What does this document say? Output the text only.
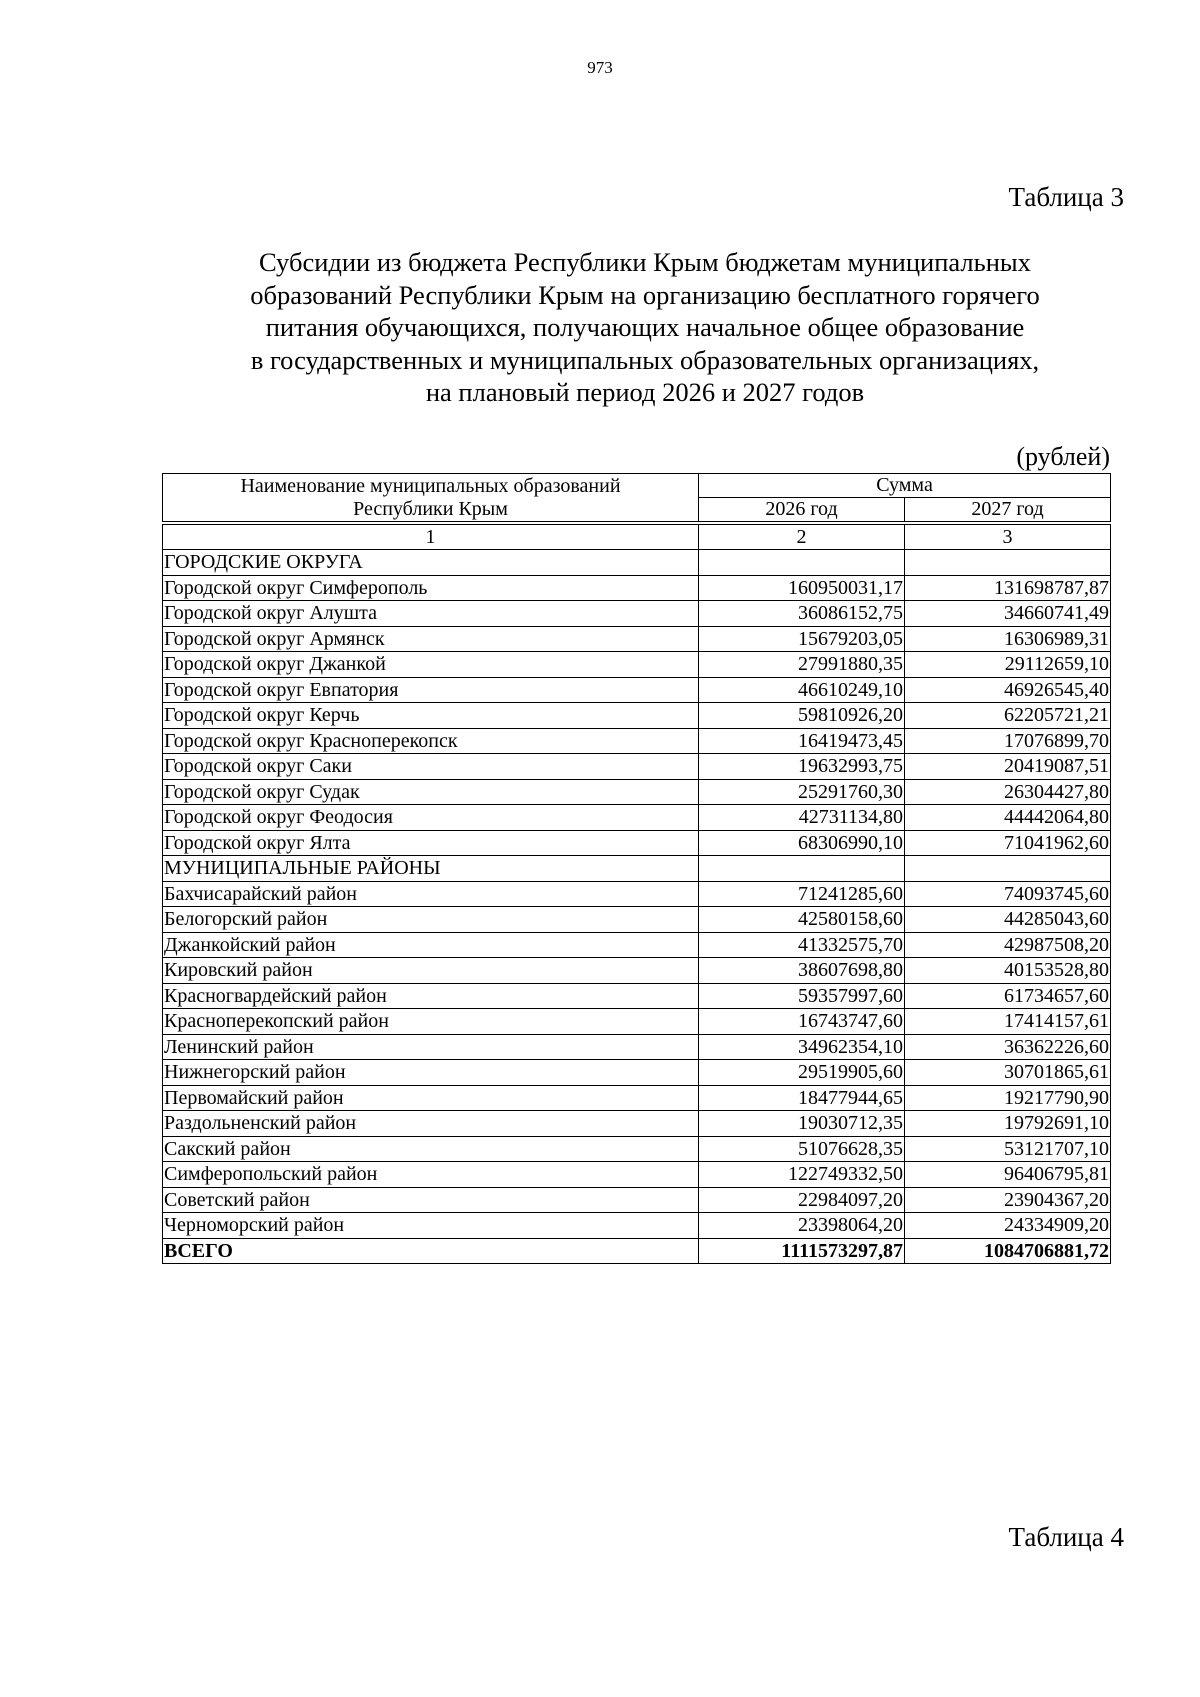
973
Таблица 3
Субсидии из бюджета Республики Крым бюджетам муниципальных
образований Республики Крым на организацию бесплатного горячего
питания обучающихся, получающих начальное общее образование
в государственных и муниципальных образовательных организациях,
на плановый период 2026 и 2027 годов
(рублей)
Наименование муниципальных образований
Республики Крым	Сумма	
	2026 год	2027 год

1	2	3
ГОРОДСКИЕ ОКРУГА		
Городской округ Симферополь	160950031,17	131698787,87
Городской округ Алушта	36086152,75	34660741,49
Городской округ Армянск	15679203,05	16306989,31
Городской округ Джанкой	27991880,35	29112659,10
Городской округ Евпатория	46610249,10	46926545,40
Городской округ Керчь	59810926,20	62205721,21
Городской округ Красноперекопск	16419473,45	17076899,70
Городской округ Саки	19632993,75	20419087,51
Городской округ Судак	25291760,30	26304427,80
Городской округ Феодосия	42731134,80	44442064,80
Городской округ Ялта	68306990,10	71041962,60
МУНИЦИПАЛЬНЫЕ РАЙОНЫ		
Бахчисарайский район	71241285,60	74093745,60
Белогорский район	42580158,60	44285043,60
Джанкойский район	41332575,70	42987508,20
Кировский район	38607698,80	40153528,80
Красногвардейский район	59357997,60	61734657,60
Красноперекопский район	16743747,60	17414157,61
Ленинский район	34962354,10	36362226,60
Нижнегорский район	29519905,60	30701865,61
Первомайский район	18477944,65	19217790,90
Раздольненский район	19030712,35	19792691,10
Сакский район	51076628,35	53121707,10
Симферопольский район	122749332,50	96406795,81
Советский район	22984097,20	23904367,20
Черноморский район	23398064,20	24334909,20
ВСЕГО	1111573297,87	1084706881,72
Таблица 4
